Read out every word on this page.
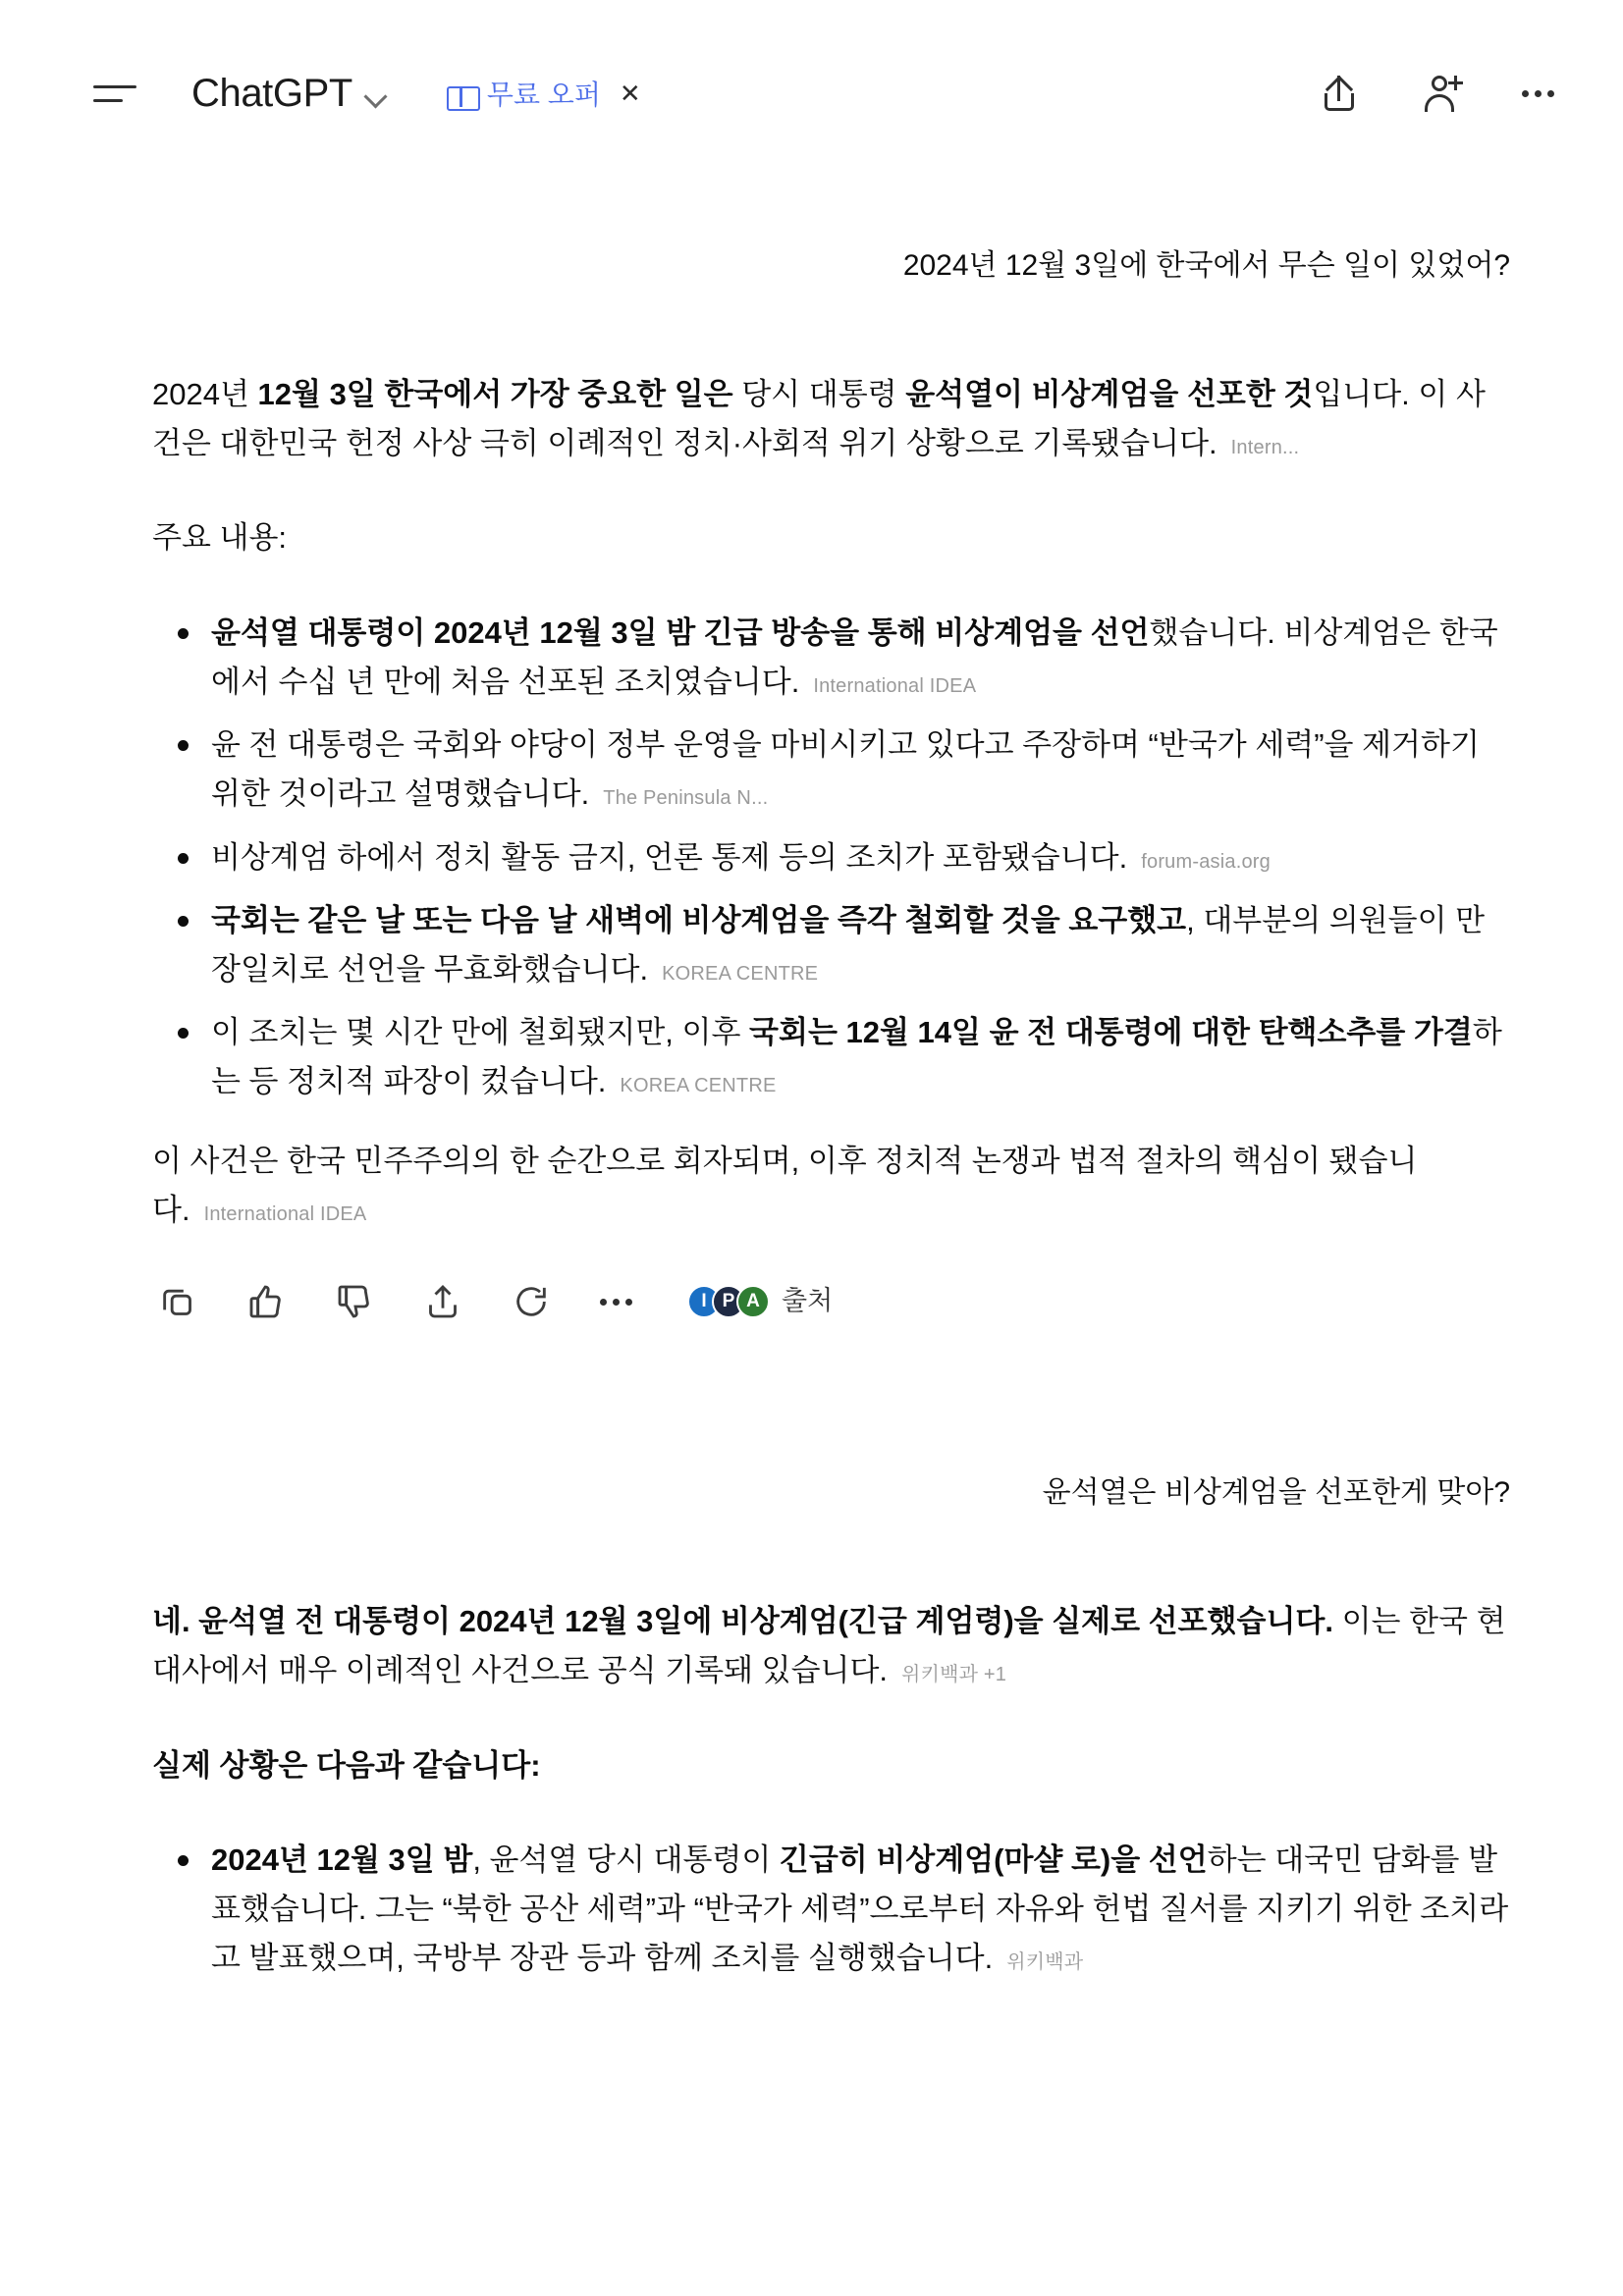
ChatGPT	무료 오퍼 ✕
2024년 12월 3일에 한국에서 무슨 일이 있었어?

2024년 12월 3일 한국에서 가장 중요한 일은 당시 대통령 윤석열이 비상계엄을 선포한 것입니다. 이 사건은 대한민국 헌정 사상 극히 이례적인 정치·사회적 위기 상황으로 기록됐습니다. Intern...

주요 내용:

윤석열 대통령이 2024년 12월 3일 밤 긴급 방송을 통해 비상계엄을 선언했습니다. 비상계엄은 한국에서 수십 년 만에 처음 선포된 조치였습니다. International IDEA
윤 전 대통령은 국회와 야당이 정부 운영을 마비시키고 있다고 주장하며 “반국가 세력”을 제거하기 위한 것이라고 설명했습니다. The Peninsula N...
비상계엄 하에서 정치 활동 금지, 언론 통제 등의 조치가 포함됐습니다. forum-asia.org
국회는 같은 날 또는 다음 날 새벽에 비상계엄을 즉각 철회할 것을 요구했고, 대부분의 의원들이 만장일치로 선언을 무효화했습니다. KOREA CENTRE
이 조치는 몇 시간 만에 철회됐지만, 이후 국회는 12월 14일 윤 전 대통령에 대한 탄핵소추를 가결하는 등 정치적 파장이 컸습니다. KOREA CENTRE

이 사건은 한국 민주주의의 한 순간으로 회자되며, 이후 정치적 논쟁과 법적 절차의 핵심이 됐습니다. International IDEA

I P A 출처
윤석열은 비상계엄을 선포한게 맞아?

네. 윤석열 전 대통령이 2024년 12월 3일에 비상계엄(긴급 계엄령)을 실제로 선포했습니다. 이는 한국 현대사에서 매우 이례적인 사건으로 공식 기록돼 있습니다. 위키백과 +1

실제 상황은 다음과 같습니다:

2024년 12월 3일 밤, 윤석열 당시 대통령이 긴급히 비상계엄(마샬 로)을 선언하는 대국민 담화를 발표했습니다. 그는 “북한 공산 세력”과 “반국가 세력”으로부터 자유와 헌법 질서를 지키기 위한 조치라고 발표했으며, 국방부 장관 등과 함께 조치를 실행했습니다. 위키백과
